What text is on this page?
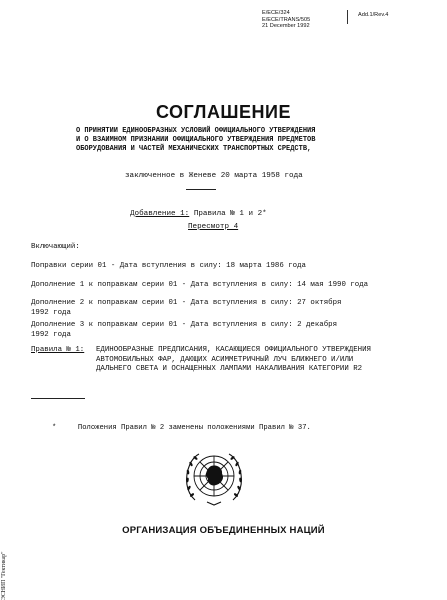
E/ECE/324
E/ECE/TRANS/505
21 December 1992
Add.1/Rev.4
СОГЛАШЕНИЕ
О ПРИНЯТИИ ЕДИНООБРАЗНЫХ УСЛОВИЙ ОФИЦИАЛЬНОГО УТВЕРЖДЕНИЯ
И О ВЗАИМНОМ ПРИЗНАНИИ ОФИЦИАЛЬНОГО УТВЕРЖДЕНИЯ ПРЕДМЕТОВ
ОБОРУДОВАНИЯ И ЧАСТЕЙ МЕХАНИЧЕСКИХ ТРАНСПОРТНЫХ СРЕДСТВ,
заключенное в Женеве 20 марта 1958 года
Добавление 1: Правила № 1 и 2*
Пересмотр 4
Включающий:
Поправки серии 01 - Дата вступления в силу: 18 марта 1986 года
Дополнение 1 к поправкам серии 01 - Дата вступления в силу: 14 мая 1990 года
Дополнение 2 к поправкам серии 01 - Дата вступления в силу: 27 октября
1992 года
Дополнение 3 к поправкам серии 01 - Дата вступления в силу: 2 декабря
1992 года
Правила № 1: ЕДИНООБРАЗНЫЕ ПРЕДПИСАНИЯ, КАСАЮЩИЕСЯ ОФИЦИАЛЬНОГО УТВЕРЖДЕНИЯ
АВТОМОБИЛЬНЫХ ФАР, ДАЮЩИХ АСИММЕТРИЧНЫЙ ЛУЧ БЛИЖНЕГО И/ИЛИ
ДАЛЬНЕГО СВЕТА И ОСНАЩЕННЫХ ЛАМПАМИ НАКАЛИВАНИЯ КАТЕГОРИИ R2
*	Положения Правил № 2 заменены положениями Правил № 37.
ОРГАНИЗАЦИЯ ОБЪЕДИНЕННЫХ НАЦИЙ
ЭСНИП "Гектикар"
